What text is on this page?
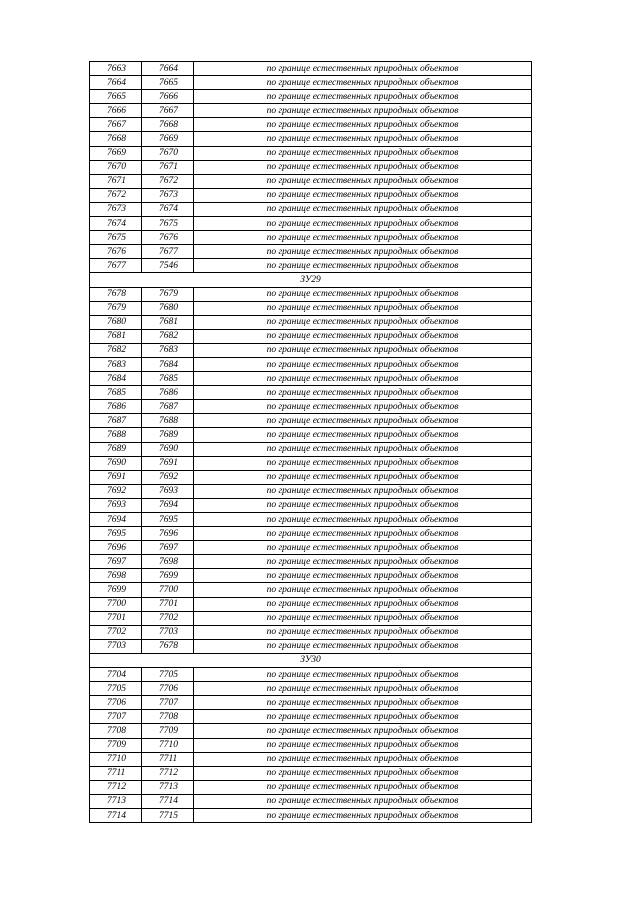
7663	7664	по границе естественных природных объектов
7664	7665	по границе естественных природных объектов
7665	7666	по границе естественных природных объектов
7666	7667	по границе естественных природных объектов
7667	7668	по границе естественных природных объектов
7668	7669	по границе естественных природных объектов
7669	7670	по границе естественных природных объектов
7670	7671	по границе естественных природных объектов
7671	7672	по границе естественных природных объектов
7672	7673	по границе естественных природных объектов
7673	7674	по границе естественных природных объектов
7674	7675	по границе естественных природных объектов
7675	7676	по границе естественных природных объектов
7676	7677	по границе естественных природных объектов
7677	7546	по границе естественных природных объектов
ЗУ29		
7678	7679	по границе естественных природных объектов
7679	7680	по границе естественных природных объектов
7680	7681	по границе естественных природных объектов
7681	7682	по границе естественных природных объектов
7682	7683	по границе естественных природных объектов
7683	7684	по границе естественных природных объектов
7684	7685	по границе естественных природных объектов
7685	7686	по границе естественных природных объектов
7686	7687	по границе естественных природных объектов
7687	7688	по границе естественных природных объектов
7688	7689	по границе естественных природных объектов
7689	7690	по границе естественных природных объектов
7690	7691	по границе естественных природных объектов
7691	7692	по границе естественных природных объектов
7692	7693	по границе естественных природных объектов
7693	7694	по границе естественных природных объектов
7694	7695	по границе естественных природных объектов
7695	7696	по границе естественных природных объектов
7696	7697	по границе естественных природных объектов
7697	7698	по границе естественных природных объектов
7698	7699	по границе естественных природных объектов
7699	7700	по границе естественных природных объектов
7700	7701	по границе естественных природных объектов
7701	7702	по границе естественных природных объектов
7702	7703	по границе естественных природных объектов
7703	7678	по границе естественных природных объектов
ЗУ30		
7704	7705	по границе естественных природных объектов
7705	7706	по границе естественных природных объектов
7706	7707	по границе естественных природных объектов
7707	7708	по границе естественных природных объектов
7708	7709	по границе естественных природных объектов
7709	7710	по границе естественных природных объектов
7710	7711	по границе естественных природных объектов
7711	7712	по границе естественных природных объектов
7712	7713	по границе естественных природных объектов
7713	7714	по границе естественных природных объектов
7714	7715	по границе естественных природных объектов
